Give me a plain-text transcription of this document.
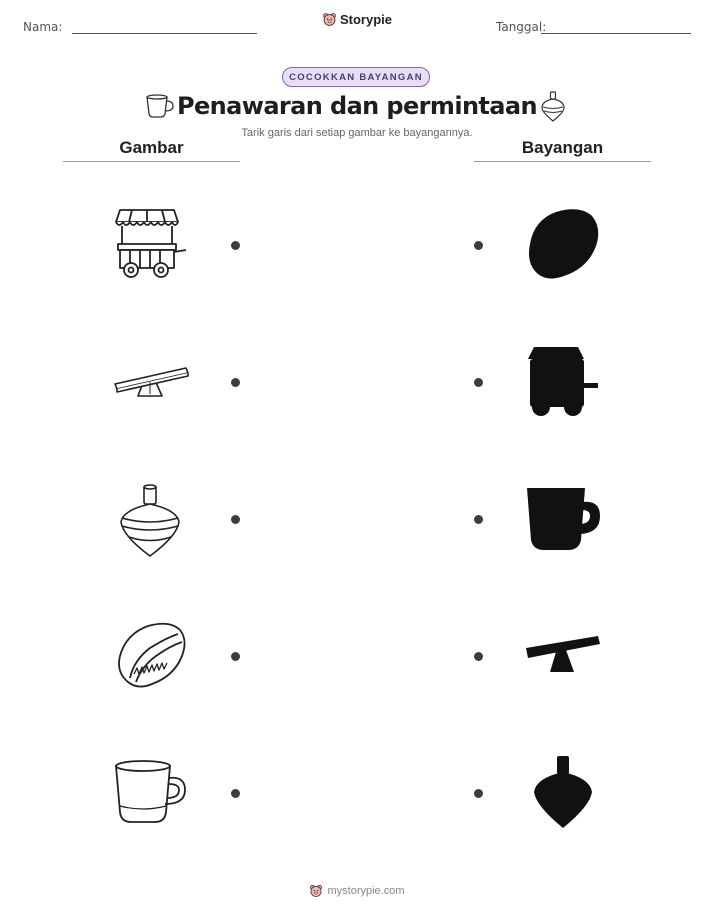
Nama:	Storypie	Tanggal:
COCOKKAN BAYANGAN
Penawaran dan permintaan
Tarik garis dari setiap gambar ke bayangannya.
Gambar	Bayangan
mystorypie.com
